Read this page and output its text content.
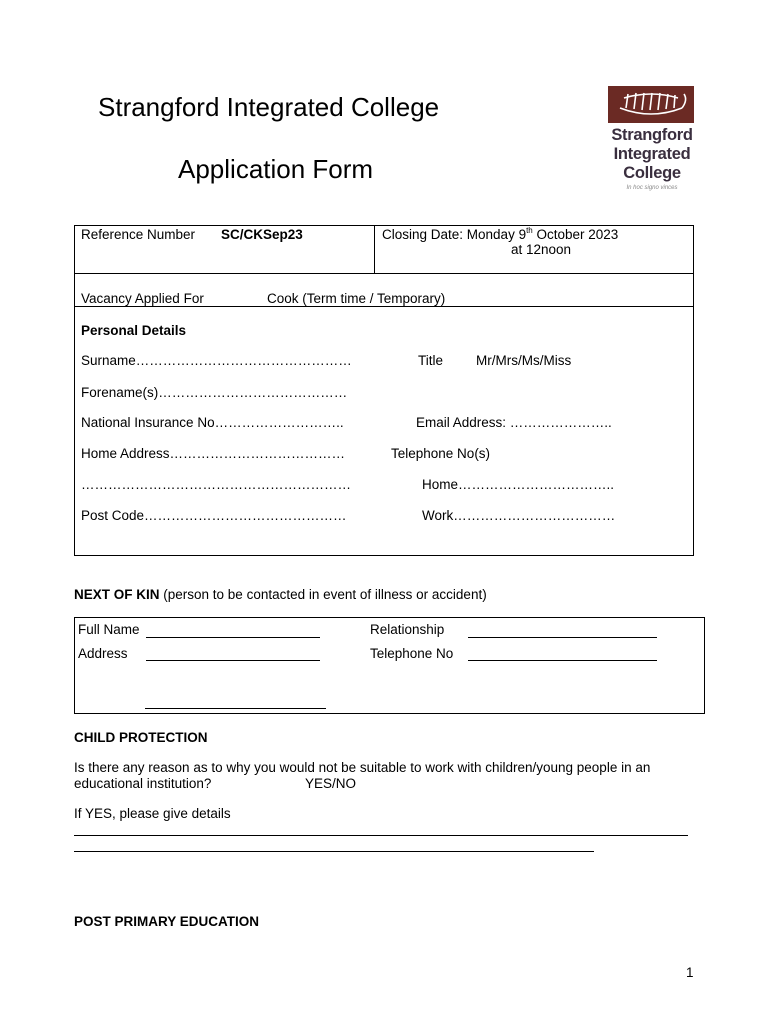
Strangford Integrated College
Application Form
Strangford
Integrated
College
In hoc signo vinces
Reference Number SC/CKSep23	Closing Date: Monday 9th October 2023
at 12noon
Vacancy Applied For	Cook (Term time / Temporary)
Personal Details
Surname…………………………………………	Title Mr/Mrs/Ms/Miss
Forename(s)……………………………………
National Insurance No………………………..	Email Address: …………………..
Home Address…………………………………	Telephone No(s)
……………………………………………………	Home……………………………..
Post Code………………………………………	Work………………………………
NEXT OF KIN (person to be contacted in event of illness or accident)
Full Name	Relationship
Address	Telephone No
CHILD PROTECTION
Is there any reason as to why you would not be suitable to work with children/young people in an
educational institution?	YES/NO
If YES, please give details
POST PRIMARY EDUCATION
1
